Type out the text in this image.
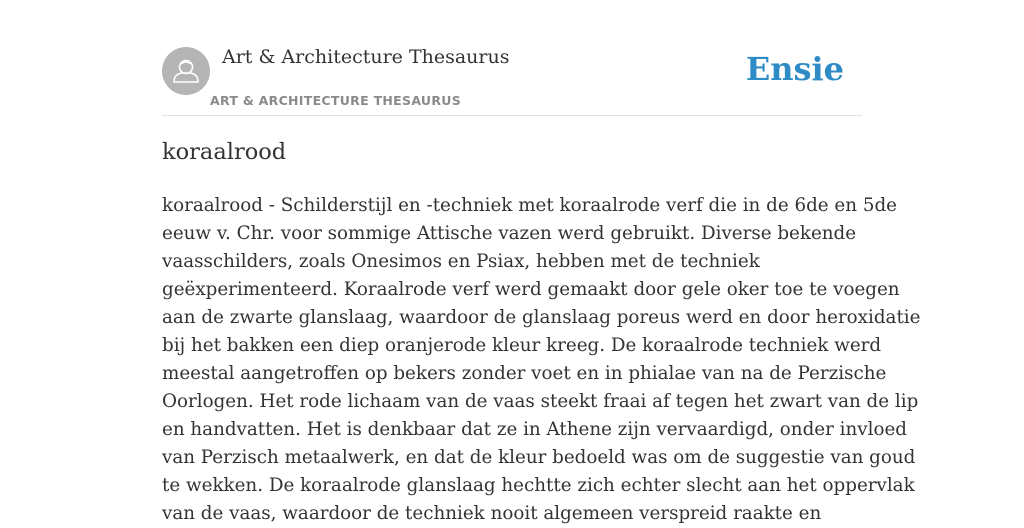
Art & Architecture Thesaurus
ART & ARCHITECTURE THESAURUS
Ensie
koraalrood

koraalrood - Schilderstijl en -techniek met koraalrode verf die in de 6de en 5de
eeuw v. Chr. voor sommige Attische vazen werd gebruikt. Diverse bekende
vaasschilders, zoals Onesimos en Psiax, hebben met de techniek
geëxperimenteerd. Koraalrode verf werd gemaakt door gele oker toe te voegen
aan de zwarte glanslaag, waardoor de glanslaag poreus werd en door heroxidatie
bij het bakken een diep oranjerode kleur kreeg. De koraalrode techniek werd
meestal aangetroffen op bekers zonder voet en in phialae van na de Perzische
Oorlogen. Het rode lichaam van de vaas steekt fraai af tegen het zwart van de lip
en handvatten. Het is denkbaar dat ze in Athene zijn vervaardigd, onder invloed
van Perzisch metaalwerk, en dat de kleur bedoeld was om de suggestie van goud
te wekken. De koraalrode glanslaag hechtte zich echter slecht aan het oppervlak
van de vaas, waardoor de techniek nooit algemeen verspreid raakte en
